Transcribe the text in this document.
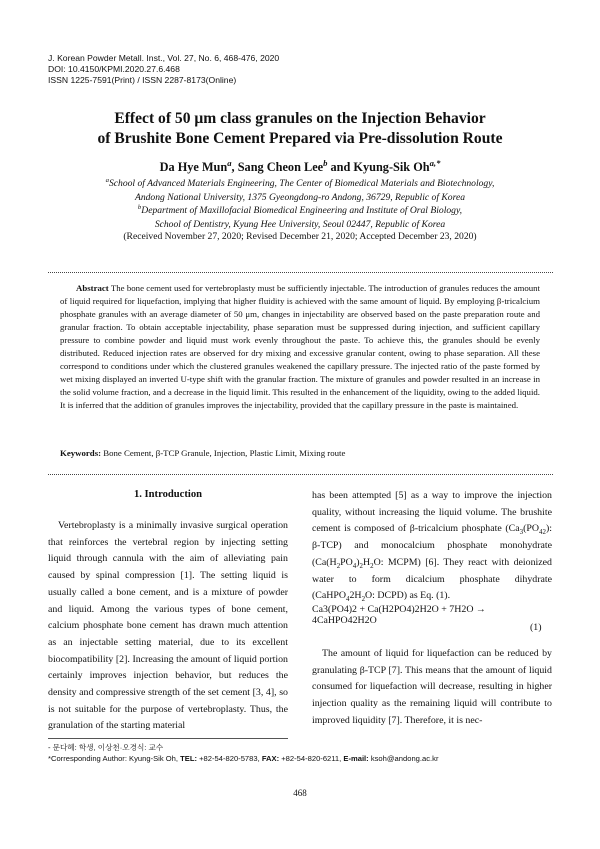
J. Korean Powder Metall. Inst., Vol. 27, No. 6, 468-476, 2020
DOI: 10.4150/KPMI.2020.27.6.468
ISSN 1225-7591(Print) / ISSN 2287-8173(Online)
Effect of 50 μm class granules on the Injection Behavior
of Brushite Bone Cement Prepared via Pre-dissolution Route
Da Hye Mun$^a$, Sang Cheon Lee$^b$ and Kyung-Sik $Oh^{a,*}$
$^a$School of Advanced Materials Engineering, The Center of Biomedical Materials and Biotechnology,
Andong National University, 1375 Gyeongdong-ro Andong, 36729, Republic of Korea
$^b$Department of Maxillofacial Biomedical Engineering and Institute of Oral Biology,
School of Dentistry, Kyung Hee University, Seoul 02447, Republic of Korea
(Received November 27, 2020; Revised December 21, 2020; Accepted December 23, 2020)
Abstract The bone cement used for vertebroplasty must be sufficiently injectable. The introduction of granules reduces the amount of liquid required for liquefaction, implying that higher fluidity is achieved with the same amount of liquid. By employing β-tricalcium phosphate granules with an average diameter of 50 μm, changes in injectability are observed based on the paste preparation route and granular fraction. To obtain acceptable injectability, phase separation must be suppressed during injection, and sufficient capillary pressure to combine powder and liquid must work evenly throughout the paste. To achieve this, the granules should be evenly distributed. Reduced injection rates are observed for dry mixing and excessive granular content, owing to phase separation. All these correspond to conditions under which the clustered granules weakened the capillary pressure. The injected ratio of the paste formed by wet mixing displayed an inverted U-type shift with the granular fraction. The mixture of granules and powder resulted in an increase in the solid volume fraction, and a decrease in the liquid limit. This resulted in the enhancement of the liquidity, owing to the added liquid. It is inferred that the addition of granules improves the injectability, provided that the capillary pressure in the paste is maintained.
Keywords: Bone Cement, β-TCP Granule, Injection, Plastic Limit, Mixing route
1. Introduction
Vertebroplasty is a minimally invasive surgical operation that reinforces the vertebral region by injecting setting liquid through cannula with the aim of alleviating pain caused by spinal compression [1]. The setting liquid is usually called a bone cement, and is a mixture of powder and liquid. Among the various types of bone cement, calcium phosphate bone cement has drawn much attention as an injectable setting material, due to its excellent biocompatibility [2]. Increasing the amount of liquid portion certainly improves injection behavior, but reduces the density and compressive strength of the set cement [3, 4], so is not suitable for the purpose of vertebroplasty. Thus, the granulation of the starting material
has been attempted [5] as a way to improve the injection quality, without increasing the liquid volume. The brushite cement is composed of β-tricalcium phosphate ($Ca_3(PO_{42})$: β-TCP) and monocalcium phosphate monohydrate ($Ca(H_2PO_4)_2H_2O$: MCPM) [6]. They react with deionized water to form dicalcium phosphate dihydrate ($CaHPO_42H_2O$: DCPD) as Eq. (1).
Ca3(PO4)2 + Ca(H2PO4)2H2O + 7H2O → 4CaHPO42H2O
(1)
The amount of liquid for liquefaction can be reduced by granulating β-TCP [7]. This means that the amount of liquid consumed for liquefaction will decrease, resulting in higher injection quality as the remaining liquid will contribute to improved liquidity [7]. Therefore, it is nec-
- 문다혜: 학생, 이상천·오경식: 교수
*Corresponding Author: Kyung-Sik Oh, TEL: +82-54-820-5783, FAX: +82-54-820-6211, E-mail: ksoh@andong.ac.kr
468
